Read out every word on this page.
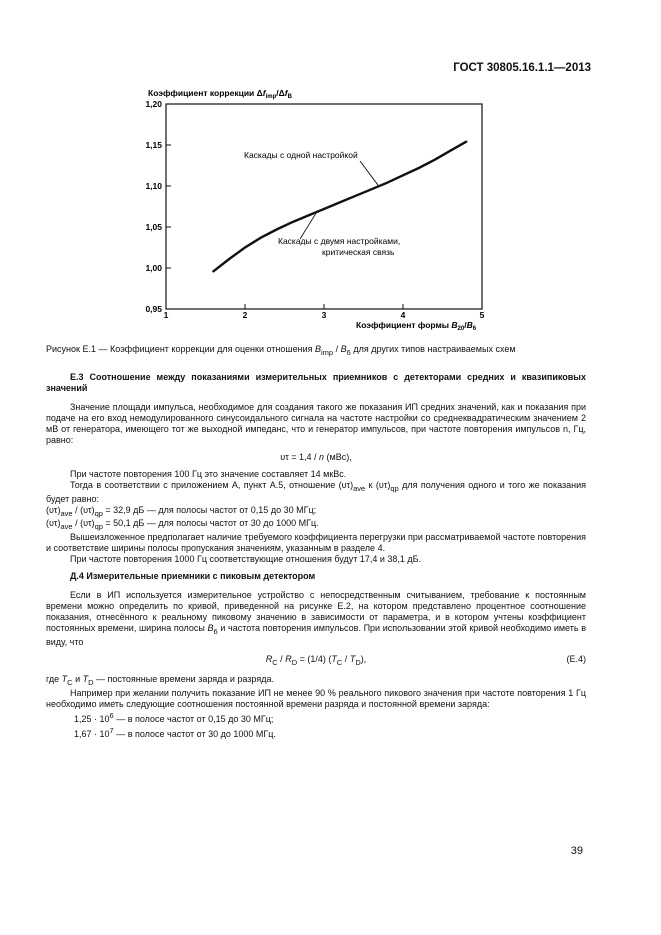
ГОСТ 30805.16.1.1—2013
Коэффициент коррекции $\Delta f_{imp}/\Delta f_B$
1	2	3	4	5
0,95
1,00
1,05
1,10
1,15
1,20
Каскады с одной настройкой
Каскады с двумя настройками,
критическая связь
Коэффициент формы $B_{20}/B_6$

Рисунок Е.1 — Коэффициент коррекции для оценки отношения $B_{imp} / B_6$ для других типов настраиваемых схем

Е.3 Соотношение между показаниями измерительных приемников с детекторами средних и квазипиковых значений

Значение площади импульса, необходимое для создания такого же показания ИП средних значений, как и показания при подаче на его вход немодулированного синусоидального сигнала на частоте настройки со среднеквадратическим значением 2 мВ от генератора, имеющего тот же выходной импеданс, что и генератор импульсов, при частоте повторения импульсов n, Гц, равно:

υτ = 1,4 / n (мВс),

При частоте повторения 100 Гц это значение составляет 14 мкВс.

Тогда в соответствии с приложением А, пункт А.5, отношение $(\upsilon\tau)_{ave}$ к $(\upsilon\tau)_{qp}$ для получения одного и того же показания будет равно:

$(\upsilon\tau)_{ave} / (\upsilon\tau)_{qp} = 32,9$ дБ — для полосы частот от 0,15 до 30 МГц;

$(\upsilon\tau)_{ave} / (\upsilon\tau)_{qp} = 50,1$ дБ — для полосы частот от 30 до 1000 МГц.

Вышеизложенное предполагает наличие требуемого коэффициента перегрузки при рассматриваемой частоте повторения и соответствие ширины полосы пропускания значениям, указанным в разделе 4.

При частоте повторения 1000 Гц соответствующие отношения будут 17,4 и 38,1 дБ.

Д.4 Измерительные приемники с пиковым детектором

Если в ИП используется измерительное устройство с непосредственным считыванием, требование к постоянным времени можно определить по кривой, приведенной на рисунке Е.2, на котором представлено процентное соотношение показания, отнесённого к реальному пиковому значению в зависимости от параметра, и в котором учтены коэффициент постоянных времени, ширина полосы $B_6$ и частота повторения импульсов. При использовании этой кривой необходимо иметь в виду, что

$R_C / R_D = (1/4)$ $(T_C / T_D)$,	(Е.4)

где $T_C$ и $T_D$ — постоянные времени заряда и разряда.

Например при желании получить показание ИП не менее 90 % реального пикового значения при частоте повторения 1 Гц необходимо иметь следующие соотношения постоянной времени разряда и постоянной времени заряда:

$1,25 \cdot 10^6$ — в полосе частот от 0,15 до 30 МГц;

$1,67 \cdot 10^7$ — в полосе частот от 30 до 1000 МГц.

39
